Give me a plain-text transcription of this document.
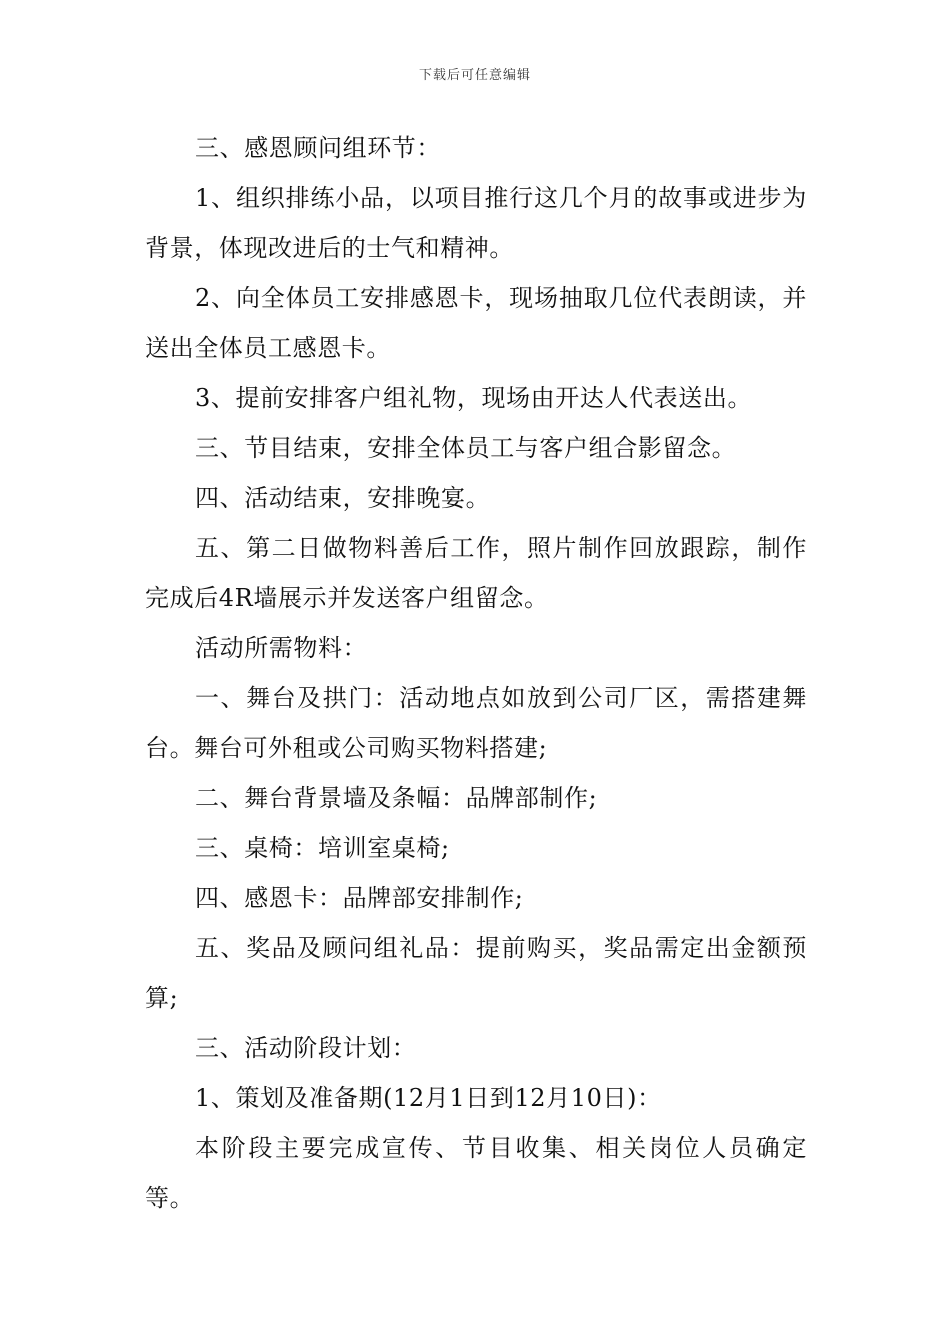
下载后可任意编辑

三、感恩顾问组环节：

1、组织排练小品，以项目推行这几个月的故事或进步为背景，体现改进后的士气和精神。

2、向全体员工安排感恩卡，现场抽取几位代表朗读，并送出全体员工感恩卡。

3、提前安排客户组礼物，现场由开达人代表送出。

三、节目结束，安排全体员工与客户组合影留念。

四、活动结束，安排晚宴。

五、第二日做物料善后工作，照片制作回放跟踪，制作完成后4R墙展示并发送客户组留念。

活动所需物料：

一、舞台及拱门：活动地点如放到公司厂区，需搭建舞台。舞台可外租或公司购买物料搭建;

二、舞台背景墙及条幅：品牌部制作;

三、桌椅：培训室桌椅;

四、感恩卡：品牌部安排制作;

五、奖品及顾问组礼品：提前购买，奖品需定出金额预算;

三、活动阶段计划：

1、策划及准备期(12月1日到12月10日)：

本阶段主要完成宣传、节目收集、相关岗位人员确定等。
